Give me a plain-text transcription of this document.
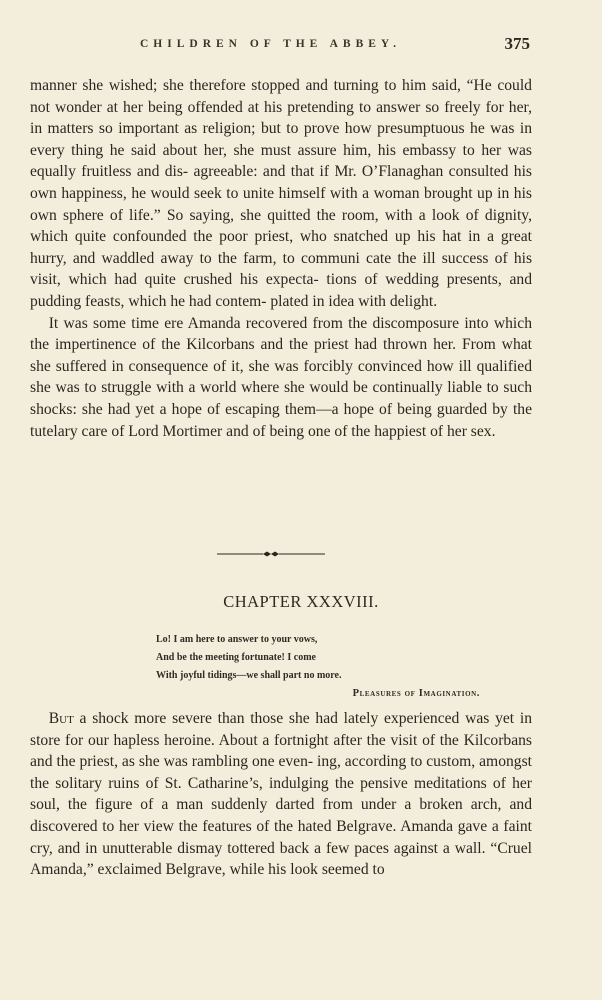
CHILDREN OF THE ABBEY.	375

manner she wished; she therefore stopped and turning to him said, “He could not wonder at her being offended at his pretending to answer so freely for her, in matters so important as religion; but to prove how presumptuous he was in every thing he said about her, she must assure him, his embassy to her was equally fruitless and dis- agreeable: and that if Mr. O’Flanaghan consulted his own happiness, he would seek to unite himself with a woman brought up in his own sphere of life.” So saying, she quitted the room, with a look of dignity, which quite confounded the poor priest, who snatched up his hat in a great hurry, and waddled away to the farm, to communi cate the ill success of his visit, which had quite crushed his expecta- tions of wedding presents, and pudding feasts, which he had contem- plated in idea with delight.

It was some time ere Amanda recovered from the discomposure into which the impertinence of the Kilcorbans and the priest had thrown her. From what she suffered in consequence of it, she was forcibly convinced how ill qualified she was to struggle with a world where she would be continually liable to such shocks: she had yet a hope of escaping them—a hope of being guarded by the tutelary care of Lord Mortimer and of being one of the happiest of her sex.

CHAPTER XXXVIII.
Lo! I am here to answer to your vows,
And be the meeting fortunate! I come
With joyful tidings—we shall part no more.
Pleasures of Imagination.

But a shock more severe than those she had lately experienced was yet in store for our hapless heroine. About a fortnight after the visit of the Kilcorbans and the priest, as she was rambling one even- ing, according to custom, amongst the solitary ruins of St. Catharine’s, indulging the pensive meditations of her soul, the figure of a man suddenly darted from under a broken arch, and discovered to her view the features of the hated Belgrave. Amanda gave a faint cry, and in unutterable dismay tottered back a few paces against a wall. “Cruel Amanda,” exclaimed Belgrave, while his look seemed to
